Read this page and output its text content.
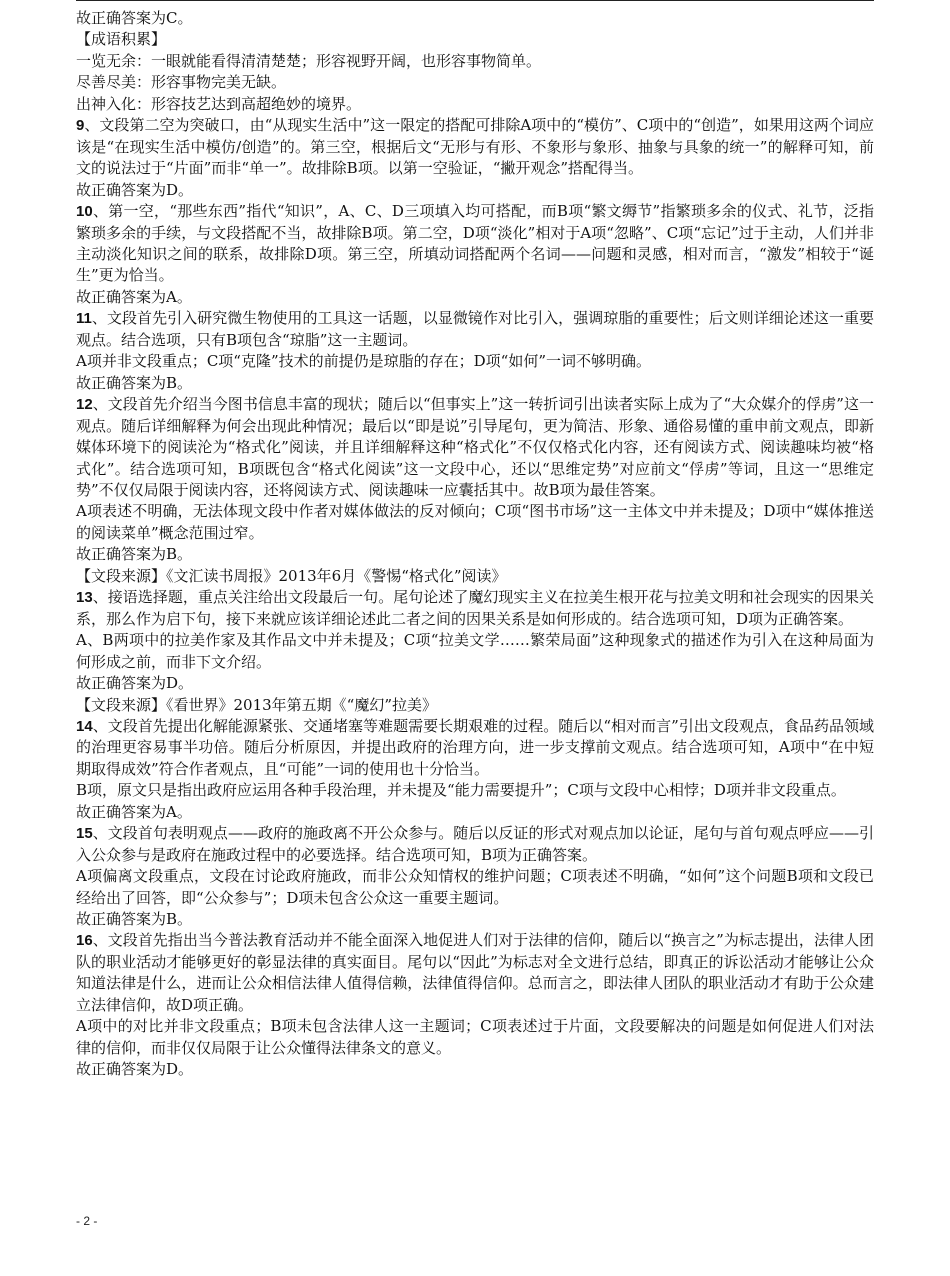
故正确答案为C。

【成语积累】

一览无余：一眼就能看得清清楚楚；形容视野开阔，也形容事物简单。

尽善尽美：形容事物完美无缺。

出神入化：形容技艺达到高超绝妙的境界。

9、文段第二空为突破口，由“从现实生活中”这一限定的搭配可排除A项中的“模仿”、C项中的“创造”，如果用这两个词应该是“在现实生活中模仿/创造”的。第三空，根据后文“无形与有形、不象形与象形、抽象与具象的统一”的解释可知，前文的说法过于“片面”而非“单一”。故排除B项。以第一空验证，“撇开观念”搭配得当。

故正确答案为D。

10、第一空，“那些东西”指代“知识”，A、C、D三项填入均可搭配，而B项“繁文缛节”指繁琐多余的仪式、礼节，泛指繁琐多余的手续，与文段搭配不当，故排除B项。第二空，D项“淡化”相对于A项“忽略”、C项“忘记”过于主动，人们并非主动淡化知识之间的联系，故排除D项。第三空，所填动词搭配两个名词——问题和灵感，相对而言，“激发”相较于“诞生”更为恰当。

故正确答案为A。

11、文段首先引入研究微生物使用的工具这一话题，以显微镜作对比引入，强调琼脂的重要性；后文则详细论述这一重要观点。结合选项，只有B项包含“琼脂”这一主题词。

A项并非文段重点；C项“克隆”技术的前提仍是琼脂的存在；D项“如何”一词不够明确。

故正确答案为B。

12、文段首先介绍当今图书信息丰富的现状；随后以“但事实上”这一转折词引出读者实际上成为了“大众媒介的俘虏”这一观点。随后详细解释为何会出现此种情况；最后以“即是说”引导尾句，更为简洁、形象、通俗易懂的重申前文观点，即新媒体环境下的阅读沦为“格式化”阅读，并且详细解释这种“格式化”不仅仅格式化内容，还有阅读方式、阅读趣味均被“格式化”。结合选项可知，B项既包含“格式化阅读”这一文段中心，还以“思维定势”对应前文“俘虏”等词，且这一“思维定势”不仅仅局限于阅读内容，还将阅读方式、阅读趣味一应囊括其中。故B项为最佳答案。

A项表述不明确，无法体现文段中作者对媒体做法的反对倾向；C项“图书市场”这一主体文中并未提及；D项中“媒体推送的阅读菜单”概念范围过窄。

故正确答案为B。

【文段来源】《文汇读书周报》2013年6月《警惕“格式化”阅读》

13、接语选择题，重点关注给出文段最后一句。尾句论述了魔幻现实主义在拉美生根开花与拉美文明和社会现实的因果关系，那么作为启下句，接下来就应该详细论述此二者之间的因果关系是如何形成的。结合选项可知，D项为正确答案。

A、B两项中的拉美作家及其作品文中并未提及；C项“拉美文学……繁荣局面”这种现象式的描述作为引入在这种局面为何形成之前，而非下文介绍。

故正确答案为D。

【文段来源】《看世界》2013年第五期《“魔幻”拉美》

14、文段首先提出化解能源紧张、交通堵塞等难题需要长期艰难的过程。随后以“相对而言”引出文段观点，食品药品领域的治理更容易事半功倍。随后分析原因，并提出政府的治理方向，进一步支撑前文观点。结合选项可知，A项中“在中短期取得成效”符合作者观点，且“可能”一词的使用也十分恰当。

B项，原文只是指出政府应运用各种手段治理，并未提及“能力需要提升”；C项与文段中心相悖；D项并非文段重点。

故正确答案为A。

15、文段首句表明观点——政府的施政离不开公众参与。随后以反证的形式对观点加以论证，尾句与首句观点呼应——引入公众参与是政府在施政过程中的必要选择。结合选项可知，B项为正确答案。

A项偏离文段重点，文段在讨论政府施政，而非公众知情权的维护问题；C项表述不明确，“如何”这个问题B项和文段已经给出了回答，即“公众参与”；D项未包含公众这一重要主题词。

故正确答案为B。

16、文段首先指出当今普法教育活动并不能全面深入地促进人们对于法律的信仰，随后以“换言之”为标志提出，法律人团队的职业活动才能够更好的彰显法律的真实面目。尾句以“因此”为标志对全文进行总结，即真正的诉讼活动才能够让公众知道法律是什么，进而让公众相信法律人值得信赖，法律值得信仰。总而言之，即法律人团队的职业活动才有助于公众建立法律信仰，故D项正确。

A项中的对比并非文段重点；B项未包含法律人这一主题词；C项表述过于片面，文段要解决的问题是如何促进人们对法律的信仰，而非仅仅局限于让公众懂得法律条文的意义。

故正确答案为D。

- 2 -
